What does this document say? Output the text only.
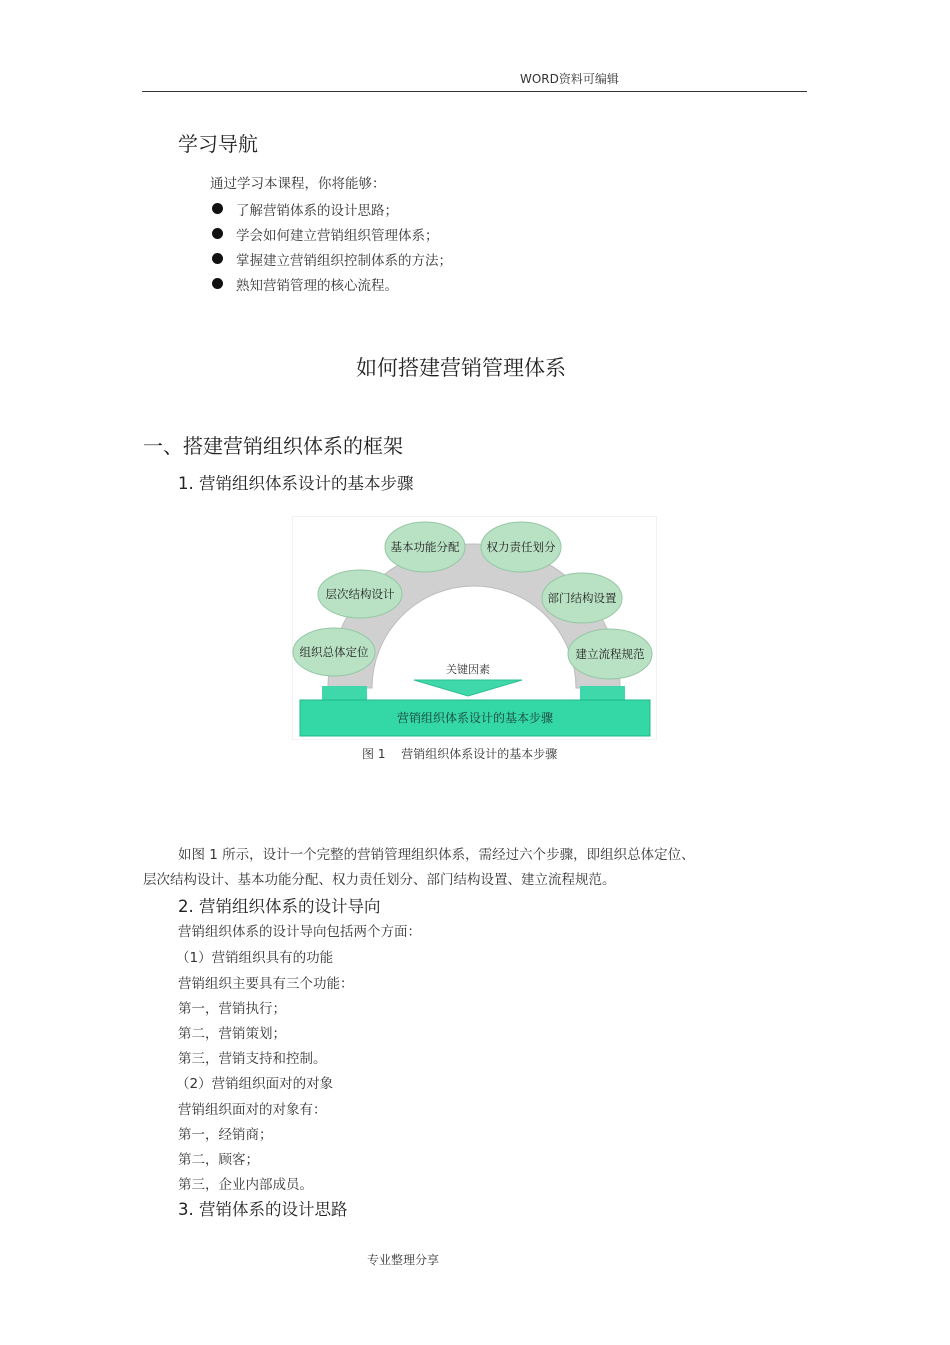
WORD资料可编辑
学习导航
通过学习本课程，你将能够：
了解营销体系的设计思路；
学会如何建立营销组织管理体系；
掌握建立营销组织控制体系的方法；
熟知营销管理的核心流程。
如何搭建营销管理体系
一、搭建营销组织体系的框架
1. 营销组织体系设计的基本步骤
营销组织体系设计的基本步骤
关键因素
组织总体定位
层次结构设计
基本功能分配 权力责任划分
部门结构设置
建立流程规范
图 1　 营销组织体系设计的基本步骤
如图 1 所示，设计一个完整的营销管理组织体系，需经过六个步骤，即组织总体定位、
层次结构设计、基本功能分配、权力责任划分、部门结构设置、建立流程规范。
2. 营销组织体系的设计导向
营销组织体系的设计导向包括两个方面：
（1）营销组织具有的功能
营销组织主要具有三个功能：
第一，营销执行；
第二，营销策划；
第三，营销支持和控制。
（2）营销组织面对的对象
营销组织面对的对象有：
第一，经销商；
第二，顾客；
第三，企业内部成员。
3. 营销体系的设计思路
专业整理分享
